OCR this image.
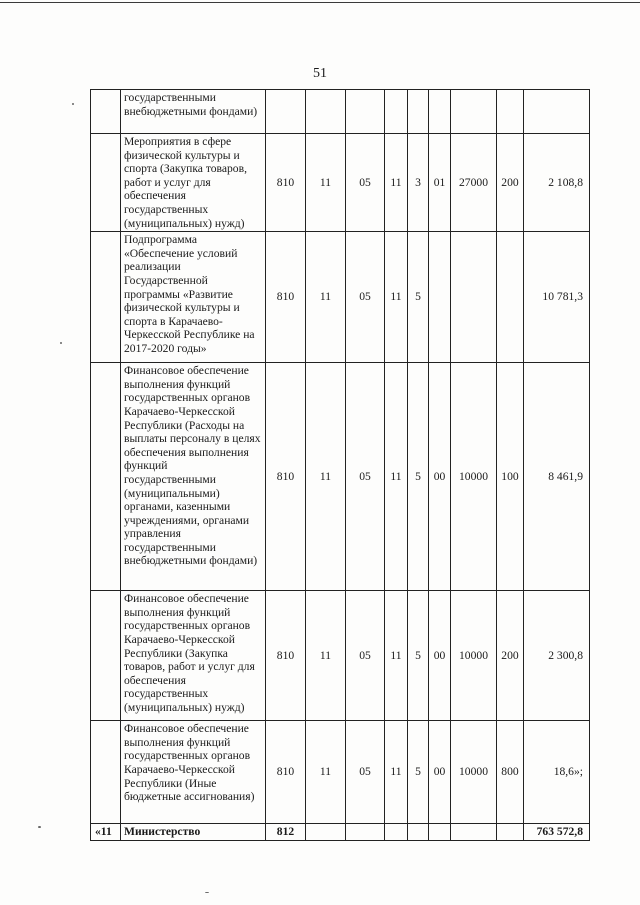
51
	государственными внебюджетными фондами)									
	Мероприятия в сфере физической культуры и спорта (Закупка товаров, работ и услуг для обеспечения государственных (муниципальных) нужд)	810	11	05	11	3	01	27000	200	2 108,8
	Подпрограмма «Обеспечение условий реализации Государственной программы «Развитие физической культуры и спорта в Карачаево-Черкесской Республике на 2017-2020 годы»	810	11	05	11	5				10 781,3
	Финансовое обеспечение выполнения функций государственных органов Карачаево-Черкесской Республики (Расходы на выплаты персоналу в целях обеспечения выполнения функций государственными (муниципальными) органами, казенными учреждениями, органами управления государственными внебюджетными фондами)	810	11	05	11	5	00	10000	100	8 461,9
	Финансовое обеспечение выполнения функций государственных органов Карачаево-Черкесской Республики (Закупка товаров, работ и услуг для обеспечения государственных (муниципальных) нужд)	810	11	05	11	5	00	10000	200	2 300,8
	Финансовое обеспечение выполнения функций государственных органов Карачаево-Черкесской Республики (Иные бюджетные ассигнования)	810	11	05	11	5	00	10000	800	18,6»;
«11	Министерство	812								763 572,8
